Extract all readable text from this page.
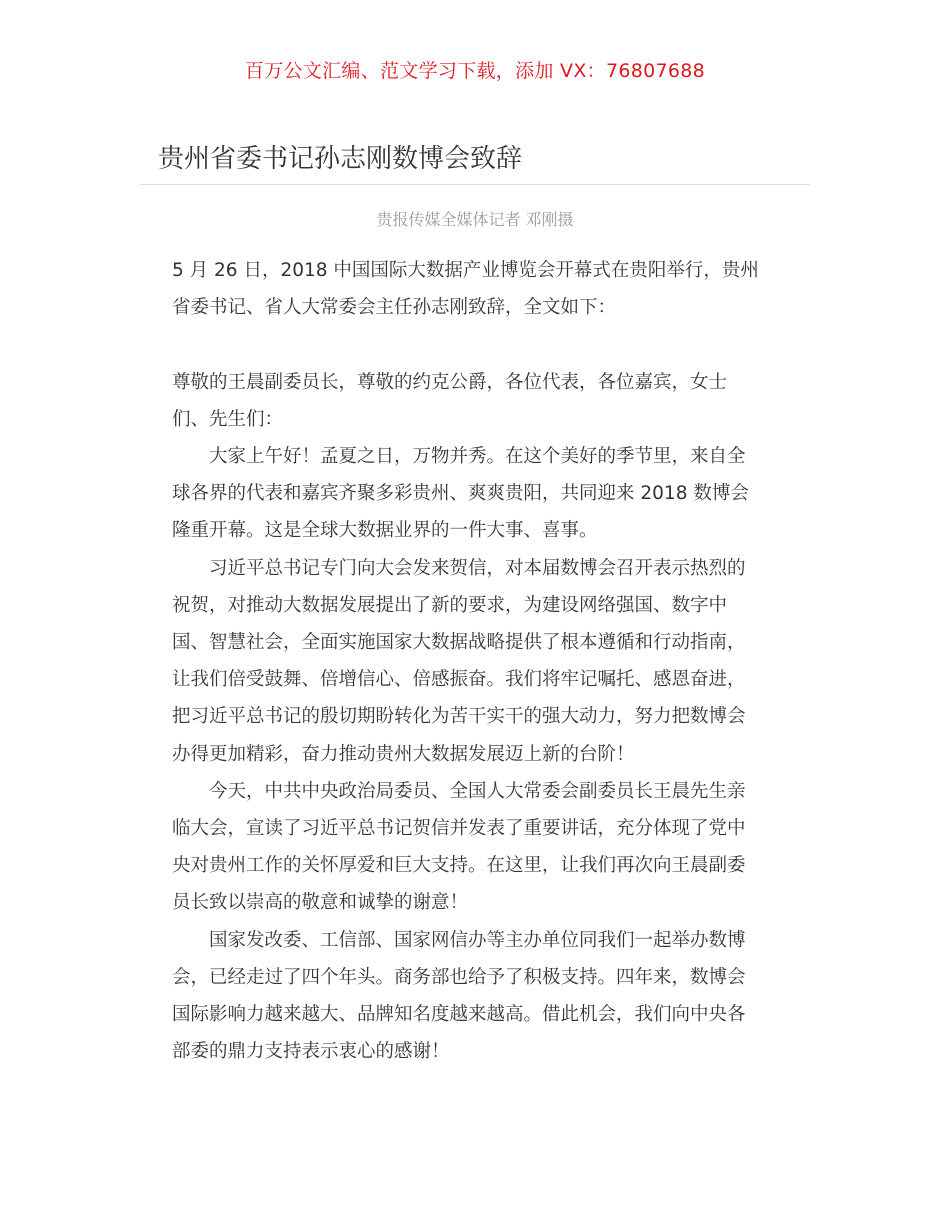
百万公文汇编、范文学习下载，添加 VX：76807688
贵州省委书记孙志刚数博会致辞
贵报传媒全媒体记者 邓刚摄

5 月 26 日，2018 中国国际大数据产业博览会开幕式在贵阳举行，贵州
省委书记、省人大常委会主任孙志刚致辞，全文如下：

尊敬的王晨副委员长，尊敬的约克公爵，各位代表，各位嘉宾，女士
们、先生们：

大家上午好！孟夏之日，万物并秀。在这个美好的季节里，来自全
球各界的代表和嘉宾齐聚多彩贵州、爽爽贵阳，共同迎来 2018 数博会
隆重开幕。这是全球大数据业界的一件大事、喜事。

习近平总书记专门向大会发来贺信，对本届数博会召开表示热烈的
祝贺，对推动大数据发展提出了新的要求，为建设网络强国、数字中
国、智慧社会，全面实施国家大数据战略提供了根本遵循和行动指南，
让我们倍受鼓舞、倍增信心、倍感振奋。我们将牢记嘱托、感恩奋进，
把习近平总书记的殷切期盼转化为苦干实干的强大动力，努力把数博会
办得更加精彩，奋力推动贵州大数据发展迈上新的台阶！

今天，中共中央政治局委员、全国人大常委会副委员长王晨先生亲
临大会，宣读了习近平总书记贺信并发表了重要讲话，充分体现了党中
央对贵州工作的关怀厚爱和巨大支持。在这里，让我们再次向王晨副委
员长致以崇高的敬意和诚挚的谢意！

国家发改委、工信部、国家网信办等主办单位同我们一起举办数博
会，已经走过了四个年头。商务部也给予了积极支持。四年来，数博会
国际影响力越来越大、品牌知名度越来越高。借此机会，我们向中央各
部委的鼎力支持表示衷心的感谢！
